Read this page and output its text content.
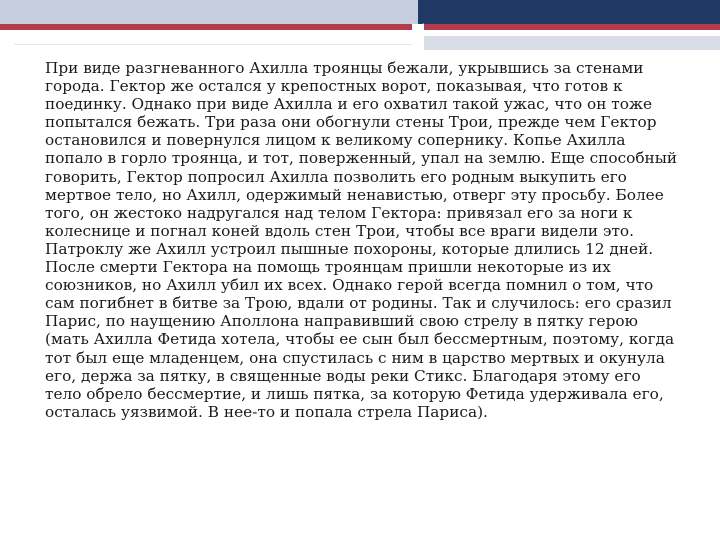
При виде разгневанного Ахилла троянцы бежали, укрывшись за стенами города. Гектор же остался у крепостных ворот, показывая, что готов к поединку. Однако при виде Ахилла и его охватил такой ужас, что он тоже попытался бежать. Три раза они обогнули стены Трои, прежде чем Гектор остановился и повернулся лицом к великому сопернику. Копье Ахилла попало в горло троянца, и тот, поверженный, упал на землю. Еще способный говорить, Гектор попросил Ахилла позволить его родным выкупить его мертвое тело, но Ахилл, одержимый ненавистью, отверг эту просьбу. Более того, он жестоко надругался над телом Гектора: привязал его за ноги к колеснице и погнал коней вдоль стен Трои, чтобы все враги видели это. Патроклу же Ахилл устроил пышные похороны, которые длились 12 дней.

После смерти Гектора на помощь троянцам пришли некоторые из их союзников, но Ахилл убил их всех. Однако герой всегда помнил о том, что сам погибнет в битве за Трою, вдали от родины. Так и случилось: его сразил Парис, по наущению Аполлона направивший свою стрелу в пятку герою (мать Ахилла Фетида хотела, чтобы ее сын был бессмертным, поэтому, когда тот был еще младенцем, она спустилась с ним в царство мертвых и окунула его, держа за пятку, в священные воды реки Стикс. Благодаря этому его тело обрело бессмертие, и лишь пятка, за которую Фетида удерживала его, осталась уязвимой. В нее-то и попала стрела Париса).
